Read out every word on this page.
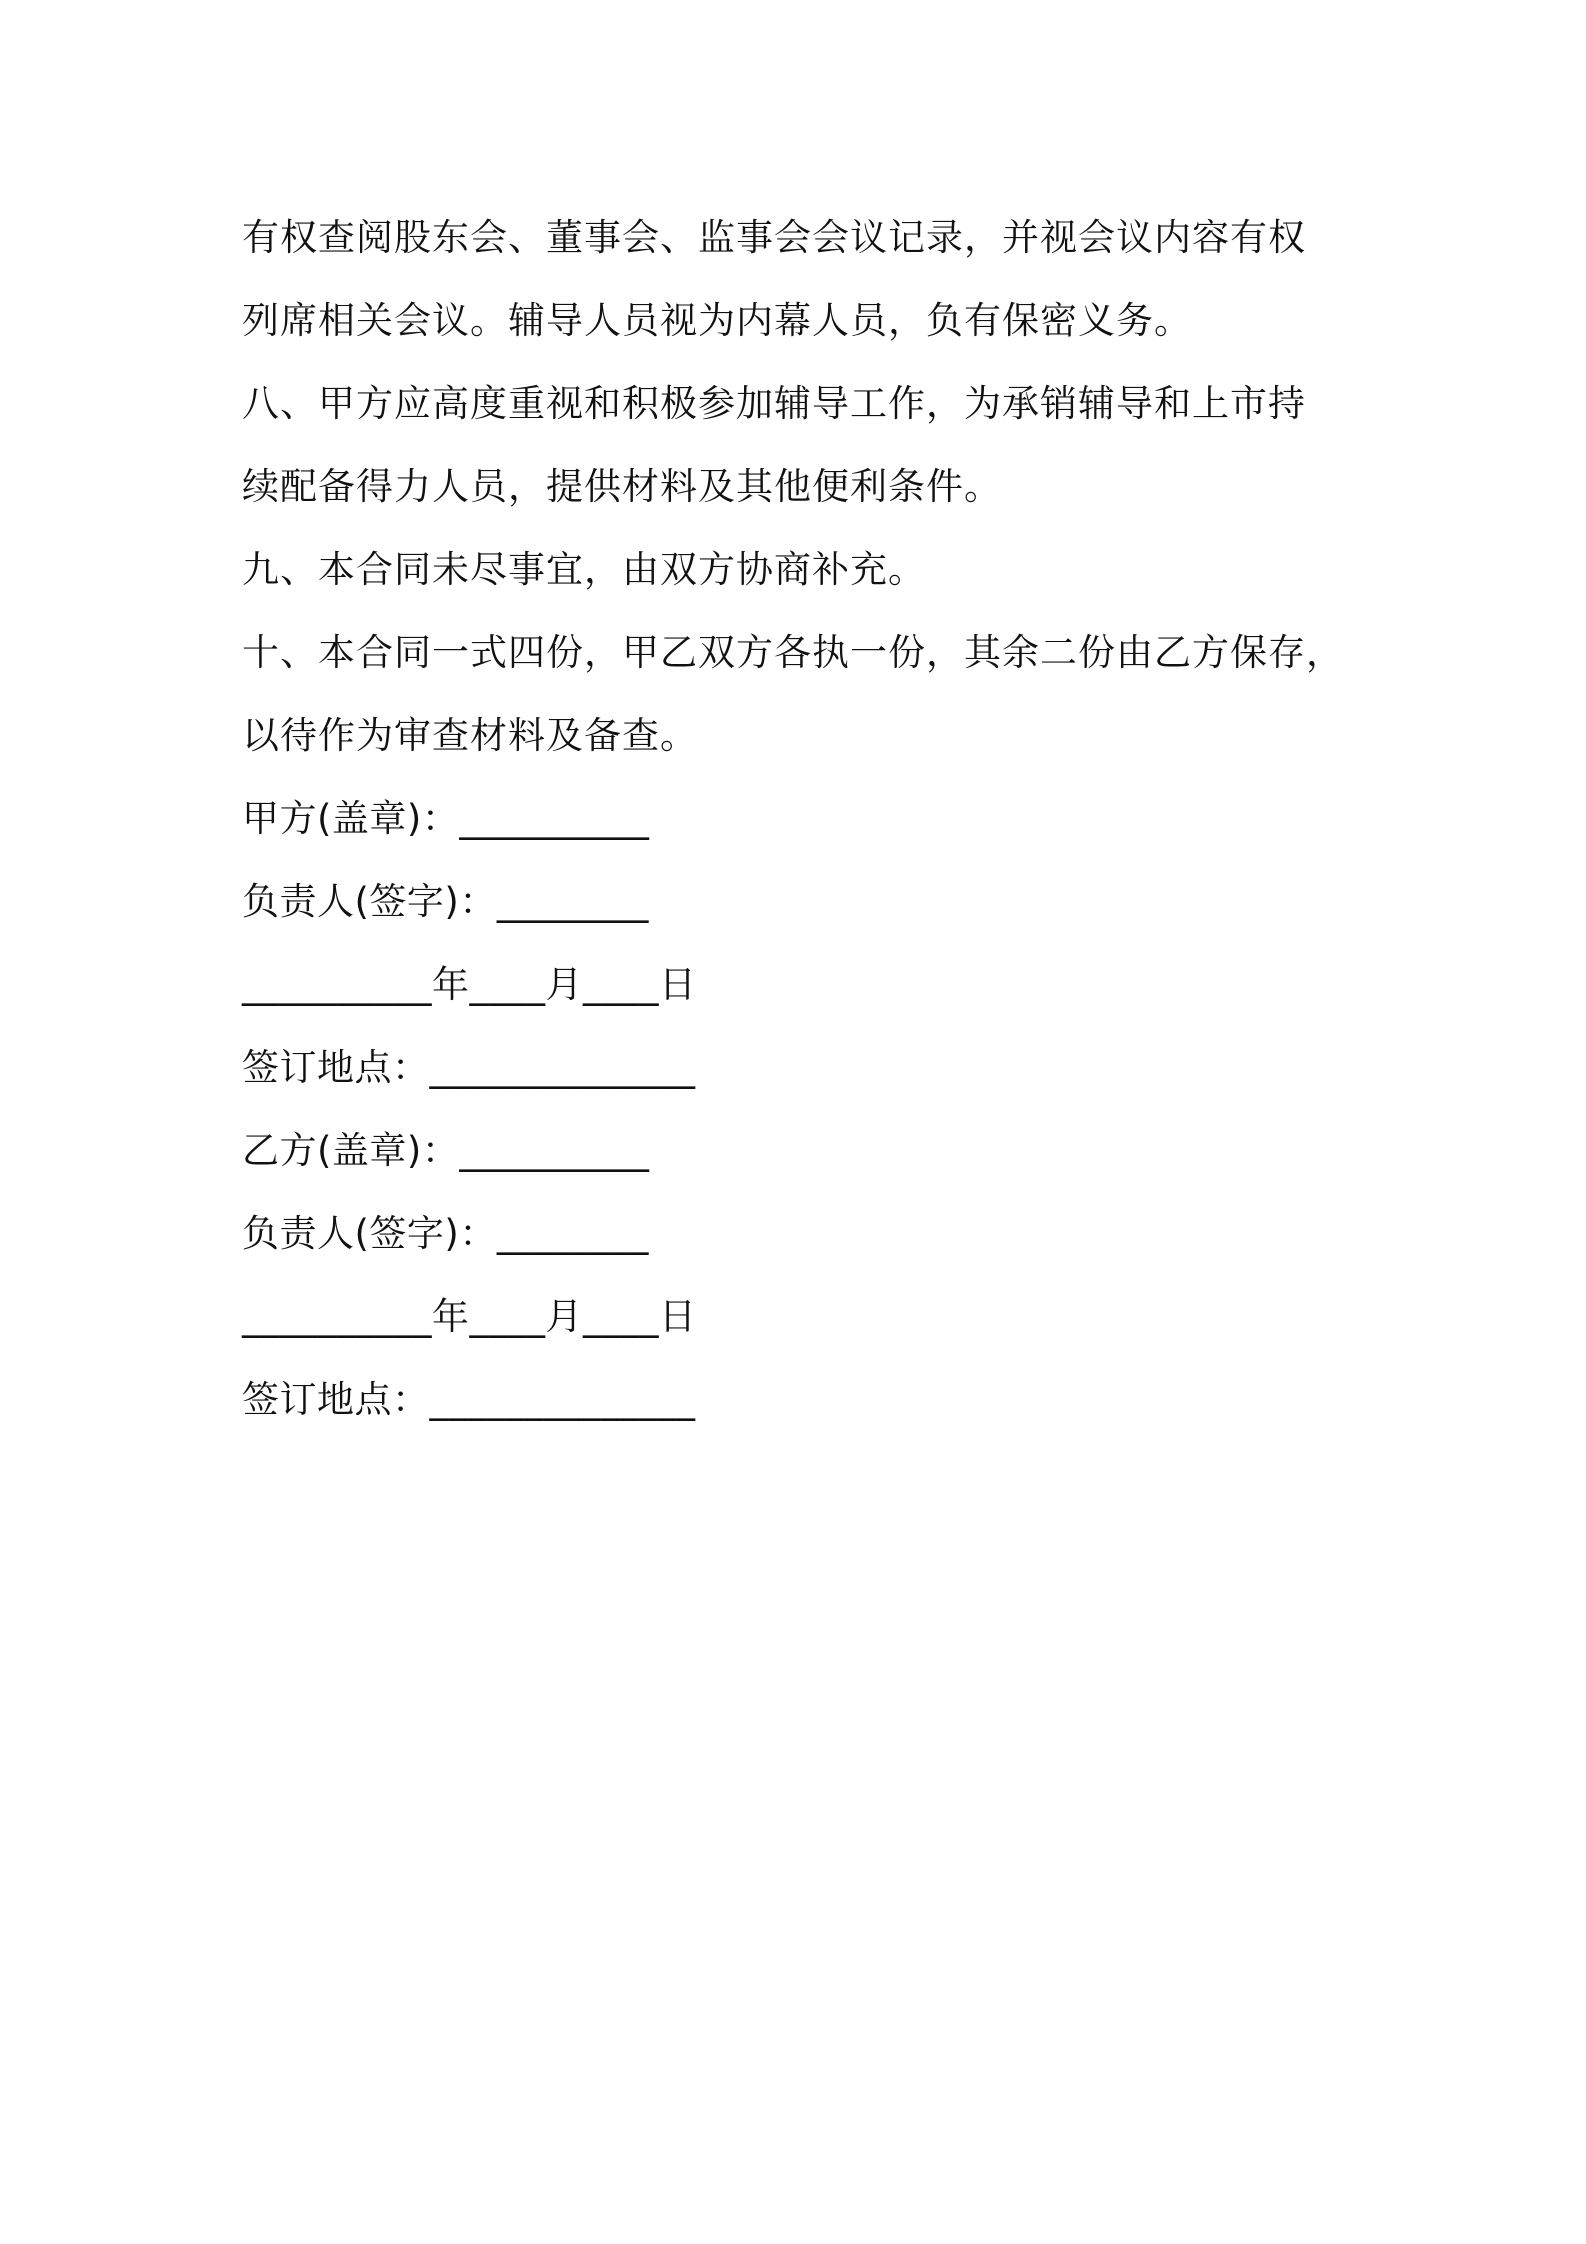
有权查阅股东会、董事会、监事会会议记录，并视会议内容有权
列席相关会议。辅导人员视为内幕人员，负有保密义务。
八、甲方应高度重视和积极参加辅导工作，为承销辅导和上市持
续配备得力人员，提供材料及其他便利条件。
九、本合同未尽事宜，由双方协商补充。
十、本合同一式四份，甲乙双方各执一份，其余二份由乙方保存，
以待作为审查材料及备查。
甲方(盖章)：__________
负责人(签字)：________
__________年____月____日
签订地点：______________
乙方(盖章)：__________
负责人(签字)：________
__________年____月____日
签订地点：______________
